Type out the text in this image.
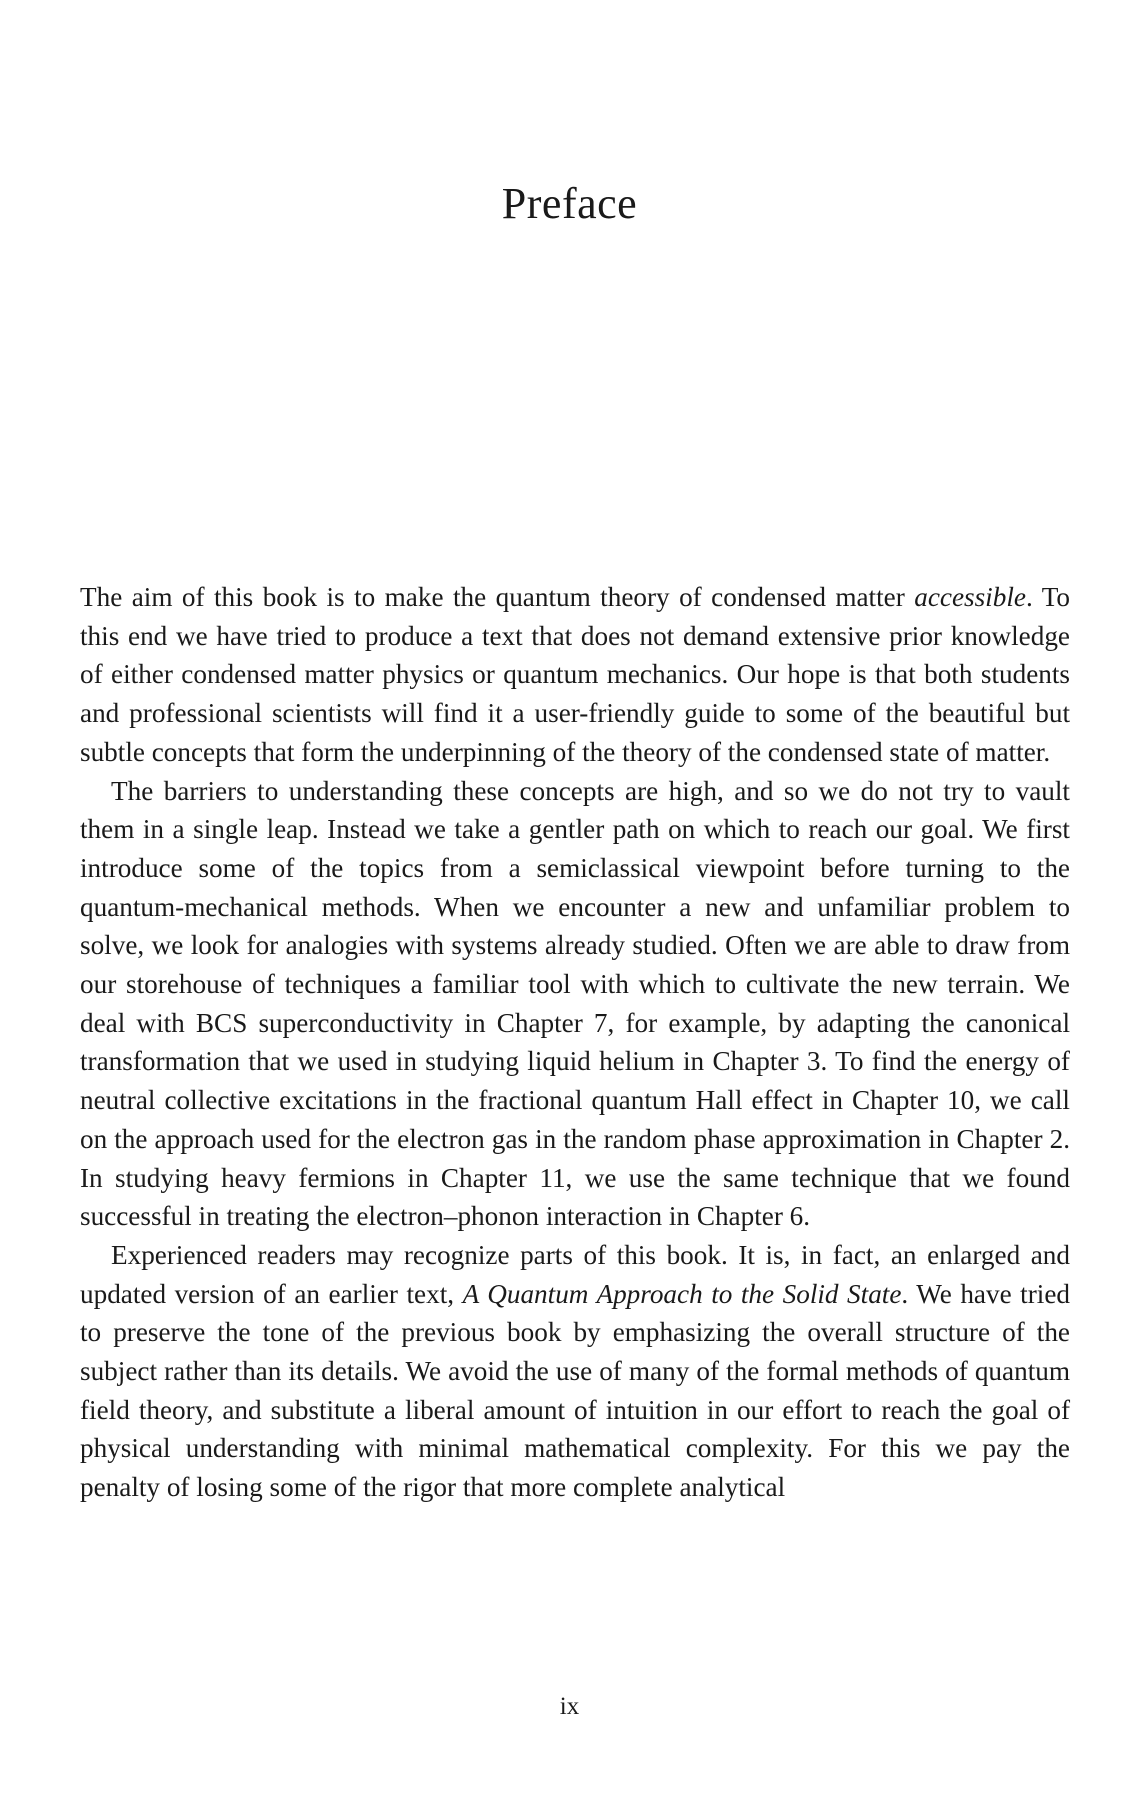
Preface

The aim of this book is to make the quantum theory of condensed matter accessible. To this end we have tried to produce a text that does not demand extensive prior knowledge of either condensed matter physics or quantum mechanics. Our hope is that both students and professional scientists will find it a user-friendly guide to some of the beautiful but subtle concepts that form the underpinning of the theory of the condensed state of matter.

The barriers to understanding these concepts are high, and so we do not try to vault them in a single leap. Instead we take a gentler path on which to reach our goal. We first introduce some of the topics from a semiclassical viewpoint before turning to the quantum-mechanical methods. When we encounter a new and unfamiliar problem to solve, we look for analogies with systems already studied. Often we are able to draw from our storehouse of techniques a familiar tool with which to cultivate the new terrain. We deal with BCS superconductivity in Chapter 7, for example, by adapting the canonical transformation that we used in studying liquid helium in Chapter 3. To find the energy of neutral collective excitations in the fractional quantum Hall effect in Chapter 10, we call on the approach used for the electron gas in the random phase approximation in Chapter 2. In studying heavy fermions in Chapter 11, we use the same technique that we found successful in treating the electron–phonon interaction in Chapter 6.

Experienced readers may recognize parts of this book. It is, in fact, an enlarged and updated version of an earlier text, A Quantum Approach to the Solid State. We have tried to preserve the tone of the previous book by emphasizing the overall structure of the subject rather than its details. We avoid the use of many of the formal methods of quantum field theory, and substitute a liberal amount of intuition in our effort to reach the goal of physical understanding with minimal mathematical complexity. For this we pay the penalty of losing some of the rigor that more complete analytical

ix
